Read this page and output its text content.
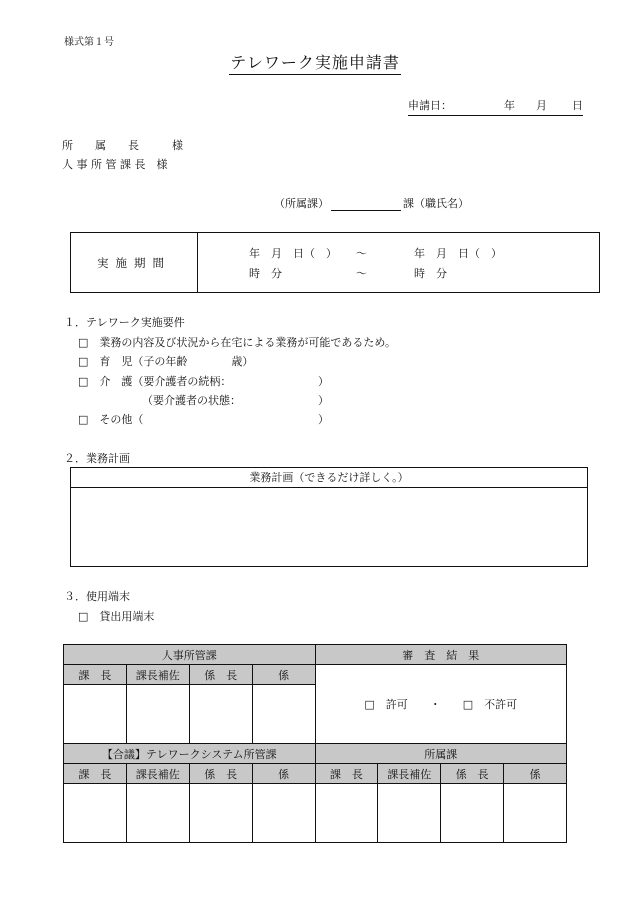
様式第１号
テレワーク実施申請書
申請日：	年 月 日
所　　属　　長　　　様
人 事 所 管 課 長　様
（所属課）	課（職氏名）
実施期間
年　月　日（　） ～	年　月　日（　）
時　分	～	時　分
１．テレワーク実施要件
□　業務の内容及び状況から在宅による業務が可能であるため。
□　育　児（子の年齢　　　　歳）
□　介　護（要介護者の続柄：
（要介護者の状態：
□　その他（
）
）
）
２．業務計画
業務計画（できるだけ詳しく。）
３．使用端末
□　貸出用端末
人事所管課				審　査　結　果			
課　長	課長補佐	係　長	係	□　許可　　・　　□　不許可			

【合議】テレワークシステム所管課				所属課			
課　長	課長補佐	係　長	係	課　長	課長補佐	係　長	係
